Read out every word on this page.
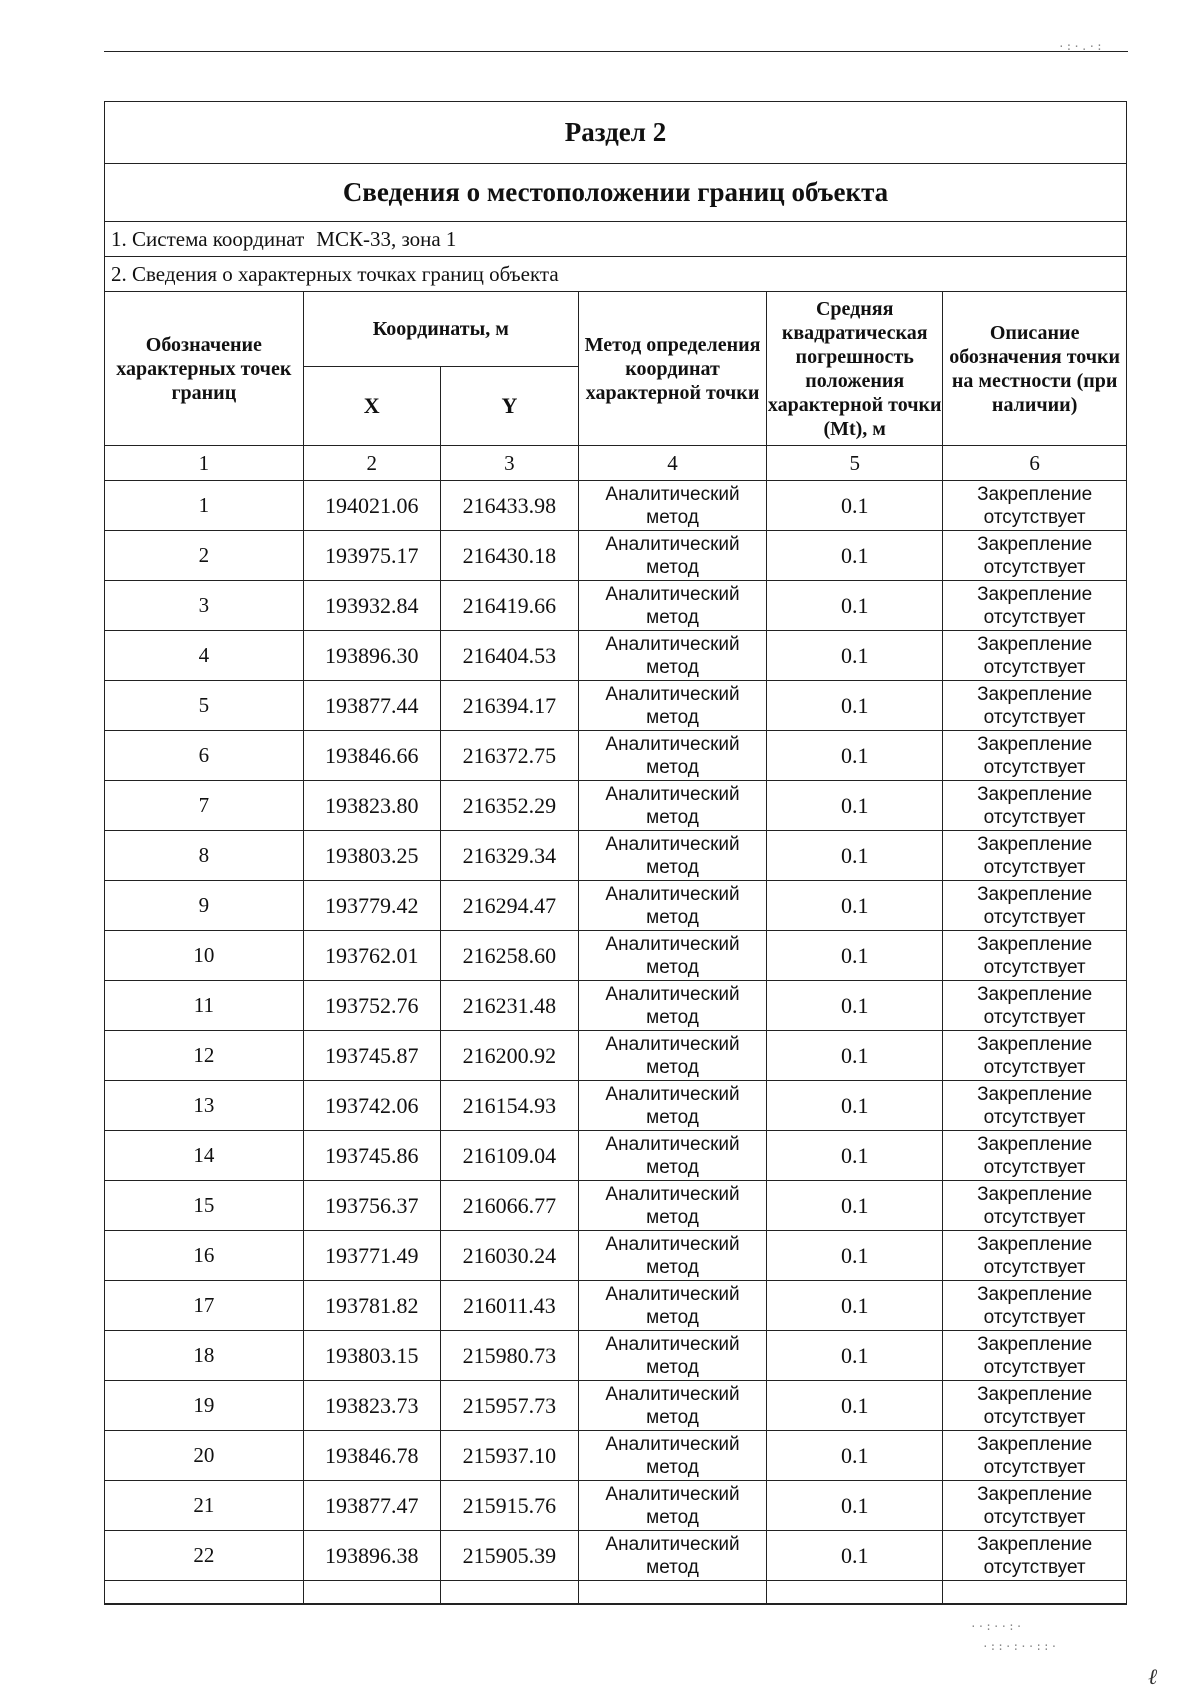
Раздел 2
Сведения о местоположении границ объекта
1. Система координат МСК-33, зона 1
2. Сведения о характерных точках границ объекта
Обозначение характерных точек границ	Координаты, м		Метод определения координат характерной точки	Средняя квадратическая погрешность положения характерной точки (Mt), м	Описание обозначения точки на местности (при наличии)
	X	Y			
1	2	3	4	5	6
1	194021.06	216433.98	Аналитический метод	0.1	Закрепление отсутствует
2	193975.17	216430.18	Аналитический метод	0.1	Закрепление отсутствует
3	193932.84	216419.66	Аналитический метод	0.1	Закрепление отсутствует
4	193896.30	216404.53	Аналитический метод	0.1	Закрепление отсутствует
5	193877.44	216394.17	Аналитический метод	0.1	Закрепление отсутствует
6	193846.66	216372.75	Аналитический метод	0.1	Закрепление отсутствует
7	193823.80	216352.29	Аналитический метод	0.1	Закрепление отсутствует
8	193803.25	216329.34	Аналитический метод	0.1	Закрепление отсутствует
9	193779.42	216294.47	Аналитический метод	0.1	Закрепление отсутствует
10	193762.01	216258.60	Аналитический метод	0.1	Закрепление отсутствует
11	193752.76	216231.48	Аналитический метод	0.1	Закрепление отсутствует
12	193745.87	216200.92	Аналитический метод	0.1	Закрепление отсутствует
13	193742.06	216154.93	Аналитический метод	0.1	Закрепление отсутствует
14	193745.86	216109.04	Аналитический метод	0.1	Закрепление отсутствует
15	193756.37	216066.77	Аналитический метод	0.1	Закрепление отсутствует
16	193771.49	216030.24	Аналитический метод	0.1	Закрепление отсутствует
17	193781.82	216011.43	Аналитический метод	0.1	Закрепление отсутствует
18	193803.15	215980.73	Аналитический метод	0.1	Закрепление отсутствует
19	193823.73	215957.73	Аналитический метод	0.1	Закрепление отсутствует
20	193846.78	215937.10	Аналитический метод	0.1	Закрепление отсутствует
21	193877.47	215915.76	Аналитический метод	0.1	Закрепление отсутствует
22	193896.38	215905.39	Аналитический метод	0.1	Закрепление отсутствует

·:·.·:
··:··:·
·::·:··::·
ℓ
